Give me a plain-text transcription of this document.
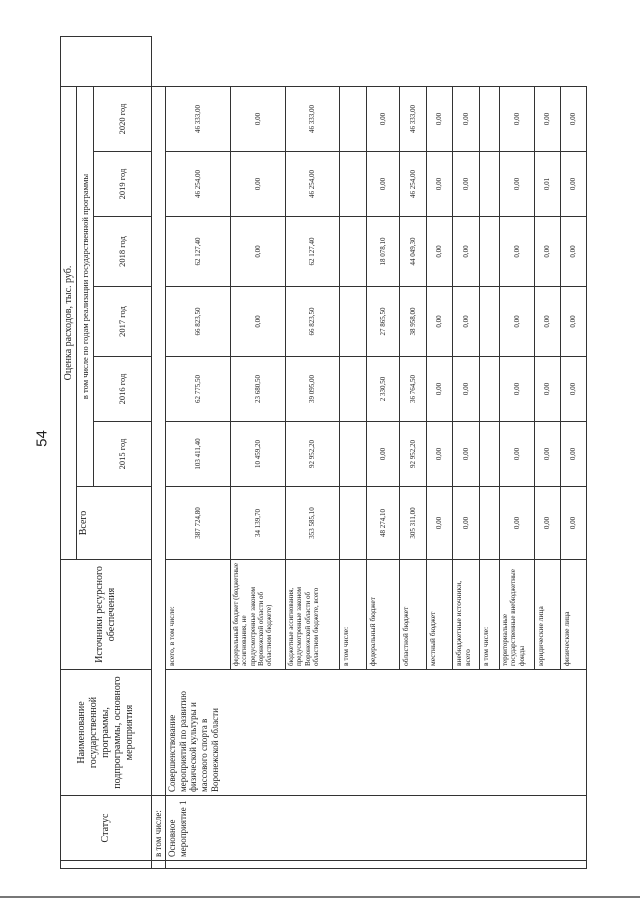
54
	Статус	Наименование государственной программы, подпрограммы, основного мероприятия	Источники ресурсного обеспечения	Оценка расходов, тыс. руб.							
				Всего	в том числе по годам реализации государственной программы						
					2015 год	2016 год	2017 год	2018 год	2019 год	2020 год	
	в том числе:										

	Основное мероприятие 1	Совершенствование мероприятий по развитию физической культуры и массового спорта в Воронежской области	всего, в том числе:	387 724,80	103 411,40	62 775,50	66 823,50	62 127,40	46 254,00	46 333,00	
			федеральный бюджет (бюджетные ассигнования, не предусмотренные законом Воронежской области об областном бюджете)	34 139,70	10 459,20	23 680,50	0,00	0,00	0,00	0,00	
			бюджетные ассигнования, предусмотренные законом Воронежской области об областном бюджете, всего	353 585,10	92 952,20	39 095,00	66 823,50	62 127,40	46 254,00	46 333,00	
			в том числе:								
			федеральный бюджет	48 274,10	0,00	2 330,50	27 865,50	18 078,10	0,00	0,00	
			областной бюджет	305 311,00	92 952,20	36 764,50	38 958,00	44 049,30	46 254,00	46 333,00	
			местный бюджет	0,00	0,00	0,00	0,00	0,00	0,00	0,00	
			внебюджетные источники, всего	0,00	0,00	0,00	0,00	0,00	0,00	0,00	
			в том числе:								
			территориальные государственные внебюджетные фонды	0,00	0,00	0,00	0,00	0,00	0,00	0,00	
			юридические лица	0,00	0,00	0,00	0,00	0,00	0,01	0,00	
			физические лица	0,00	0,00	0,00	0,00	0,00	0,00	0,00	
